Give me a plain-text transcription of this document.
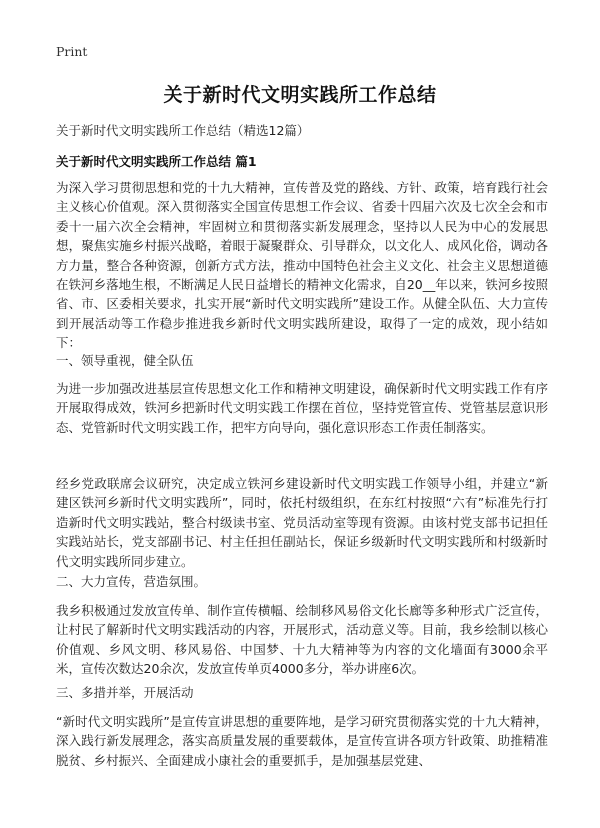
Print
关于新时代文明实践所工作总结
关于新时代文明实践所工作总结（精选12篇）
关于新时代文明实践所工作总结 篇1

为深入学习贯彻思想和党的十九大精神，宣传普及党的路线、方针、政策，培育践行社会主义核心价值观。深入贯彻落实全国宣传思想工作会议、省委十四届六次及七次全会和市委十一届六次全会精神，牢固树立和贯彻落实新发展理念，坚持以人民为中心的发展思想，聚焦实施乡村振兴战略，着眼于凝聚群众、引导群众，以文化人、成风化俗，调动各方力量，整合各种资源，创新方式方法，推动中国特色社会主义文化、社会主义思想道德在铁河乡落地生根，不断满足人民日益增长的精神文化需求，自20__年以来，铁河乡按照省、市、区委相关要求，扎实开展“新时代文明实践所”建设工作。从健全队伍、大力宣传到开展活动等工作稳步推进我乡新时代文明实践所建设，取得了一定的成效，现小结如下：

一、领导重视，健全队伍

为进一步加强改进基层宣传思想文化工作和精神文明建设，确保新时代文明实践工作有序开展取得成效，铁河乡把新时代文明实践工作摆在首位，坚持党管宣传、党管基层意识形态、党管新时代文明实践工作，把牢方向导向，强化意识形态工作责任制落实。

经乡党政联席会议研究，决定成立铁河乡建设新时代文明实践工作领导小组，并建立“新建区铁河乡新时代文明实践所”，同时，依托村级组织，在东红村按照“六有”标准先行打造新时代文明实践站，整合村级读书室、党员活动室等现有资源。由该村党支部书记担任实践站站长，党支部副书记、村主任担任副站长，保证乡级新时代文明实践所和村级新时代文明实践所同步建立。

二、大力宣传，营造氛围。

我乡积极通过发放宣传单、制作宣传横幅、绘制移风易俗文化长廊等多种形式广泛宣传，让村民了解新时代文明实践活动的内容，开展形式，活动意义等。目前，我乡绘制以核心价值观、乡风文明、移风易俗、中国梦、十九大精神等为内容的文化墙面有3000余平米，宣传次数达20余次，发放宣传单页4000多分，举办讲座6次。

三、多措并举，开展活动

“新时代文明实践所”是宣传宣讲思想的重要阵地，是学习研究贯彻落实党的十九大精神，深入践行新发展理念，落实高质量发展的重要载体，是宣传宣讲各项方针政策、助推精准脱贫、乡村振兴、全面建成小康社会的重要抓手，是加强基层党建、
